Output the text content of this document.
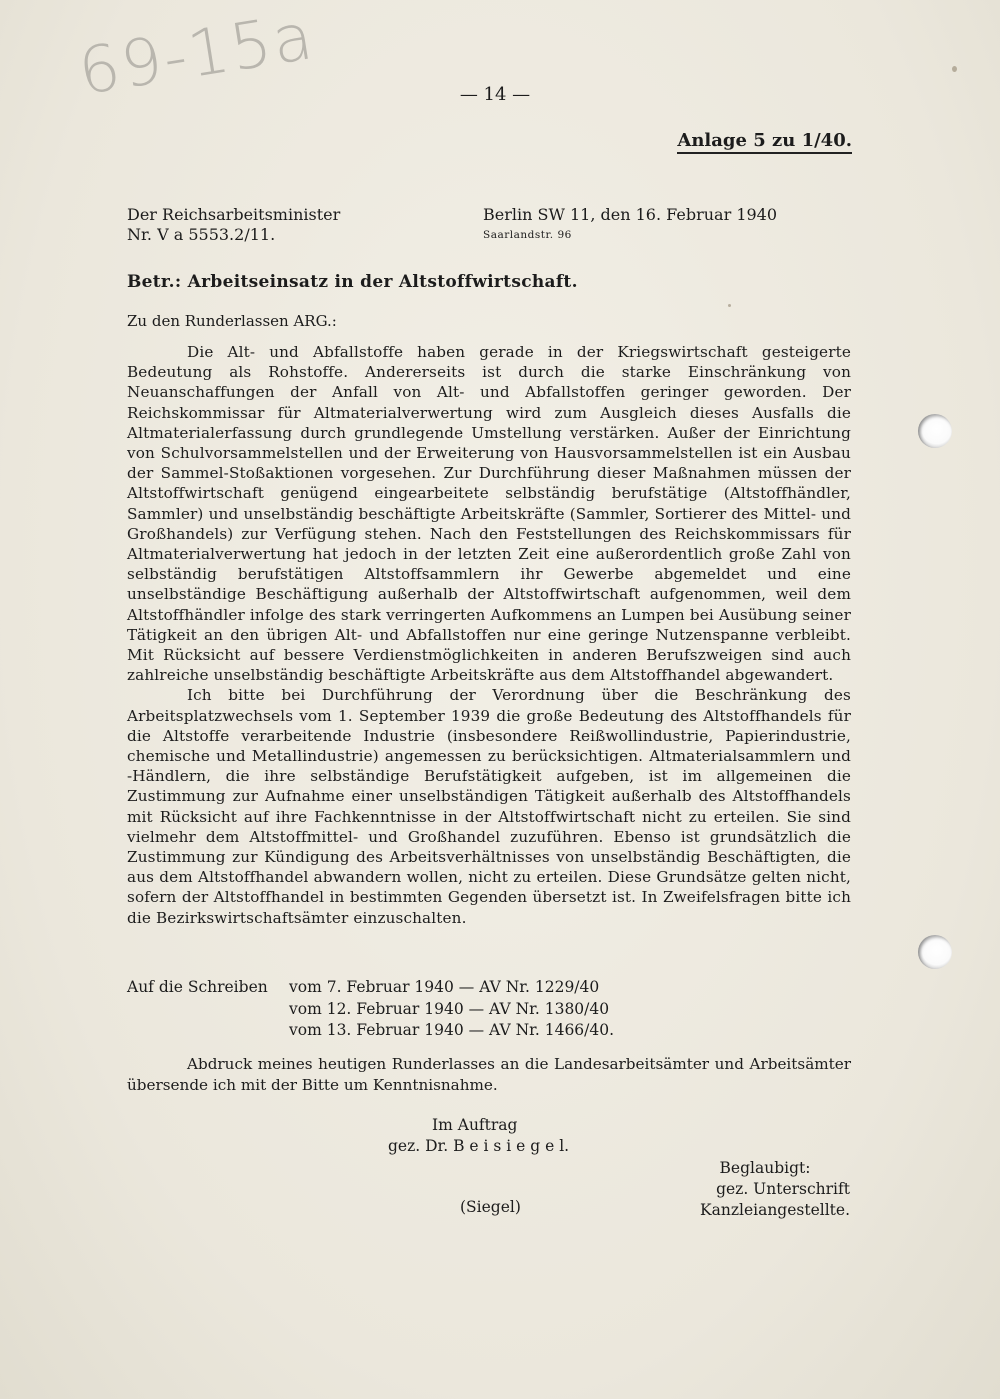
69-15a	— 14 —
Anlage 5 zu 1/40.
Der Reichsarbeitsminister
Nr. V a 5553.2/11.
Berlin SW 11, den 16. Februar 1940
Saarlandstr. 96
Betr.: Arbeitseinsatz in der Altstoffwirtschaft.
Zu den Runderlassen ARG.:

Die Alt- und Abfallstoffe haben gerade in der Kriegswirtschaft gesteigerte Bedeutung als Rohstoffe. Andererseits ist durch die starke Einschränkung von Neuanschaffungen der Anfall von Alt- und Abfallstoffen geringer geworden. Der Reichskommissar für Altmaterialverwertung wird zum Ausgleich dieses Ausfalls die Altmaterialerfassung durch grundlegende Umstellung verstärken. Außer der Einrichtung von Schulvorsammelstellen und der Erweiterung von Hausvorsammelstellen ist ein Ausbau der Sammel-Stoßaktionen vorgesehen. Zur Durchführung dieser Maßnahmen müssen der Altstoffwirtschaft genügend eingearbeitete selbständig berufstätige (Altstoffhändler, Sammler) und unselbständig beschäftigte Arbeitskräfte (Sammler, Sortierer des Mittel- und Großhandels) zur Verfügung stehen. Nach den Feststellungen des Reichskommissars für Altmaterialverwertung hat jedoch in der letzten Zeit eine außerordentlich große Zahl von selbständig berufstätigen Altstoffsammlern ihr Gewerbe abgemeldet und eine unselbständige Beschäftigung außerhalb der Altstoffwirtschaft aufgenommen, weil dem Altstoffhändler infolge des stark verringerten Aufkommens an Lumpen bei Ausübung seiner Tätigkeit an den übrigen Alt- und Abfallstoffen nur eine geringe Nutzenspanne verbleibt. Mit Rücksicht auf bessere Verdienstmöglichkeiten in anderen Berufszweigen sind auch zahlreiche unselbständig beschäftigte Arbeitskräfte aus dem Altstoffhandel abgewandert.

Ich bitte bei Durchführung der Verordnung über die Beschränkung des Arbeitsplatzwechsels vom 1. September 1939 die große Bedeutung des Altstoffhandels für die Altstoffe verarbeitende Industrie (insbesondere Reißwollindustrie, Papierindustrie, chemische und Metallindustrie) angemessen zu berücksichtigen. Altmaterialsammlern und -Händlern, die ihre selbständige Berufstätigkeit aufgeben, ist im allgemeinen die Zustimmung zur Aufnahme einer unselbständigen Tätigkeit außerhalb des Altstoffhandels mit Rücksicht auf ihre Fachkenntnisse in der Altstoffwirtschaft nicht zu erteilen. Sie sind vielmehr dem Altstoffmittel- und Großhandel zuzuführen. Ebenso ist grundsätzlich die Zustimmung zur Kündigung des Arbeitsverhältnisses von unselbständig Beschäftigten, die aus dem Altstoffhandel abwandern wollen, nicht zu erteilen. Diese Grundsätze gelten nicht, sofern der Altstoffhandel in bestimmten Gegenden übersetzt ist. In Zweifelsfragen bitte ich die Bezirkswirtschaftsämter einzuschalten.

Auf die Schreiben	vom 7. Februar 1940 — AV Nr. 1229/40
vom 12. Februar 1940 — AV Nr. 1380/40
vom 13. Februar 1940 — AV Nr. 1466/40.
Abdruck meines heutigen Runderlasses an die Landesarbeitsämter und Arbeitsämter übersende ich mit der Bitte um Kenntnisnahme.
Im Auftrag
gez. Dr. B e i s i e g e l.
(Siegel)
Beglaubigt:
gez. Unterschrift
Kanzleiangestellte.
